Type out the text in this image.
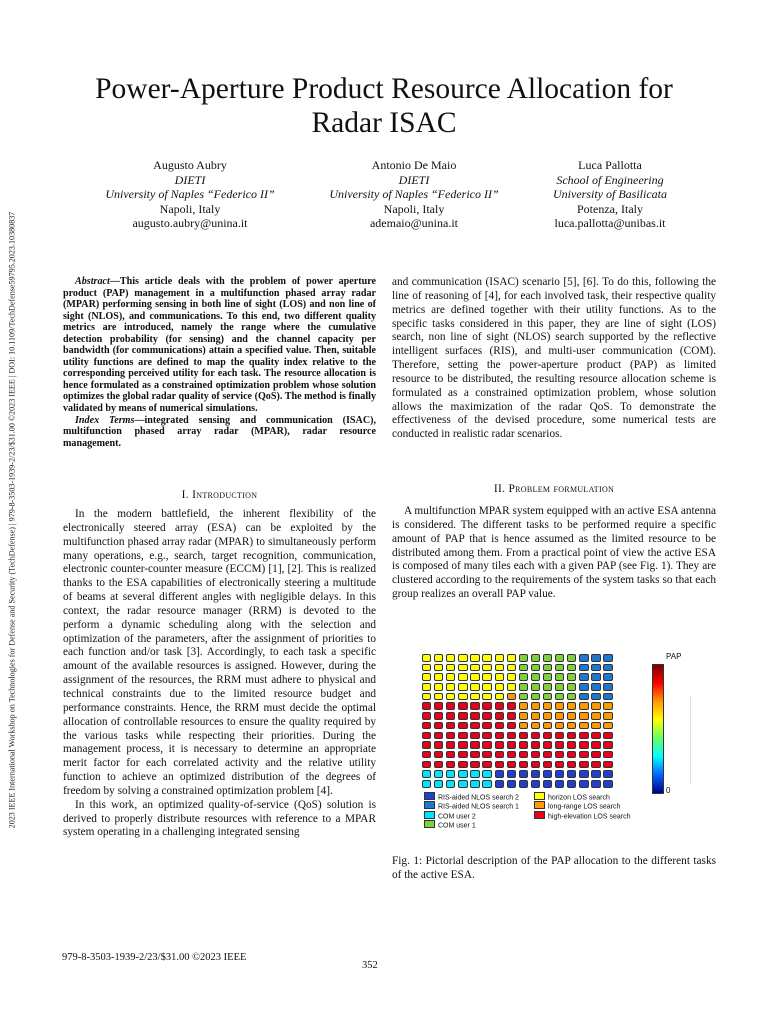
2023 IEEE International Workshop on Technologies for Defense and Security (TechDefense) | 979-8-3503-1939-2/23/$31.00 ©2023 IEEE | DOI: 10.1109/TechDefense59795.2023.10380837
Power-Aperture Product Resource Allocation for
Radar ISAC
Augusto Aubry
DIETI
University of Naples “Federico II”
Napoli, Italy
augusto.aubry@unina.it
Antonio De Maio
DIETI
University of Naples “Federico II”
Napoli, Italy
ademaio@unina.it
Luca Pallotta
School of Engineering
University of Basilicata
Potenza, Italy
luca.pallotta@unibas.it

Abstract—This article deals with the problem of power aperture product (PAP) management in a multifunction phased array radar (MPAR) performing sensing in both line of sight (LOS) and non line of sight (NLOS), and communications. To this end, two different quality metrics are introduced, namely the range where the cumulative detection probability (for sensing) and the channel capacity per bandwidth (for communications) attain a specified value. Then, suitable utility functions are defined to map the quality index relative to the corresponding perceived utility for each task. The resource allocation is hence formulated as a constrained optimization problem whose solution optimizes the global radar quality of service (QoS). The method is finally validated by means of numerical simulations.

Index Terms—integrated sensing and communication (ISAC), multifunction phased array radar (MPAR), radar resource management.

I. Introduction

In the modern battlefield, the inherent flexibility of the electronically steered array (ESA) can be exploited by the multifunction phased array radar (MPAR) to simultaneously perform many operations, e.g., search, target recognition, communication, electronic counter-counter measure (ECCM) [1], [2]. This is realized thanks to the ESA capabilities of electronically steering a multitude of beams at several different angles with negligible delays. In this context, the radar resource manager (RRM) is devoted to the perform a dynamic scheduling along with the selection and optimization of the parameters, after the assignment of priorities to each function and/or task [3]. Accordingly, to each task a specific amount of the available resources is assigned. However, during the assignment of the resources, the RRM must adhere to physical and technical constraints due to the limited resource budget and performance constraints. Hence, the RRM must decide the optimal allocation of controllable resources to ensure the quality required by the various tasks while respecting their priorities. During the management process, it is necessary to determine an appropriate merit factor for each correlated activity and the relative utility function to achieve an optimized distribution of the degrees of freedom by solving a constrained optimization problem [4].

In this work, an optimized quality-of-service (QoS) solution is derived to properly distribute resources with reference to a MPAR system operating in a challenging integrated sensing

and communication (ISAC) scenario [5], [6]. To do this, following the line of reasoning of [4], for each involved task, their respective quality metrics are defined together with their utility functions. As to the specific tasks considered in this paper, they are line of sight (LOS) search, non line of sight (NLOS) search supported by the reflective intelligent surfaces (RIS), and multi-user communication (COM). Therefore, setting the power-aperture product (PAP) as limited resource to be distributed, the resulting resource allocation scheme is formulated as a constrained optimization problem, whose solution allows the maximization of the radar QoS. To demonstrate the effectiveness of the devised procedure, some numerical tests are conducted in realistic radar scenarios.

II. Problem formulation

A multifunction MPAR system equipped with an active ESA antenna is considered. The different tasks to be performed require a specific amount of PAP that is hence assumed as the limited resource to be distributed among them. From a practical point of view the active ESA is composed of many tiles each with a given PAP (see Fig. 1). They are clustered according to the requirements of the system tasks so that each group realizes an overall PAP value.

PAP
0
RIS-aided NLOS search 2	horizon LOS search
RIS-aided NLOS search 1	long-range LOS search
COM user 2	high-elevation LOS search
COM user 1
Fig. 1: Pictorial description of the PAP allocation to the different tasks of the active ESA.
979-8-3503-1939-2/23/$31.00 ©2023 IEEE
352
